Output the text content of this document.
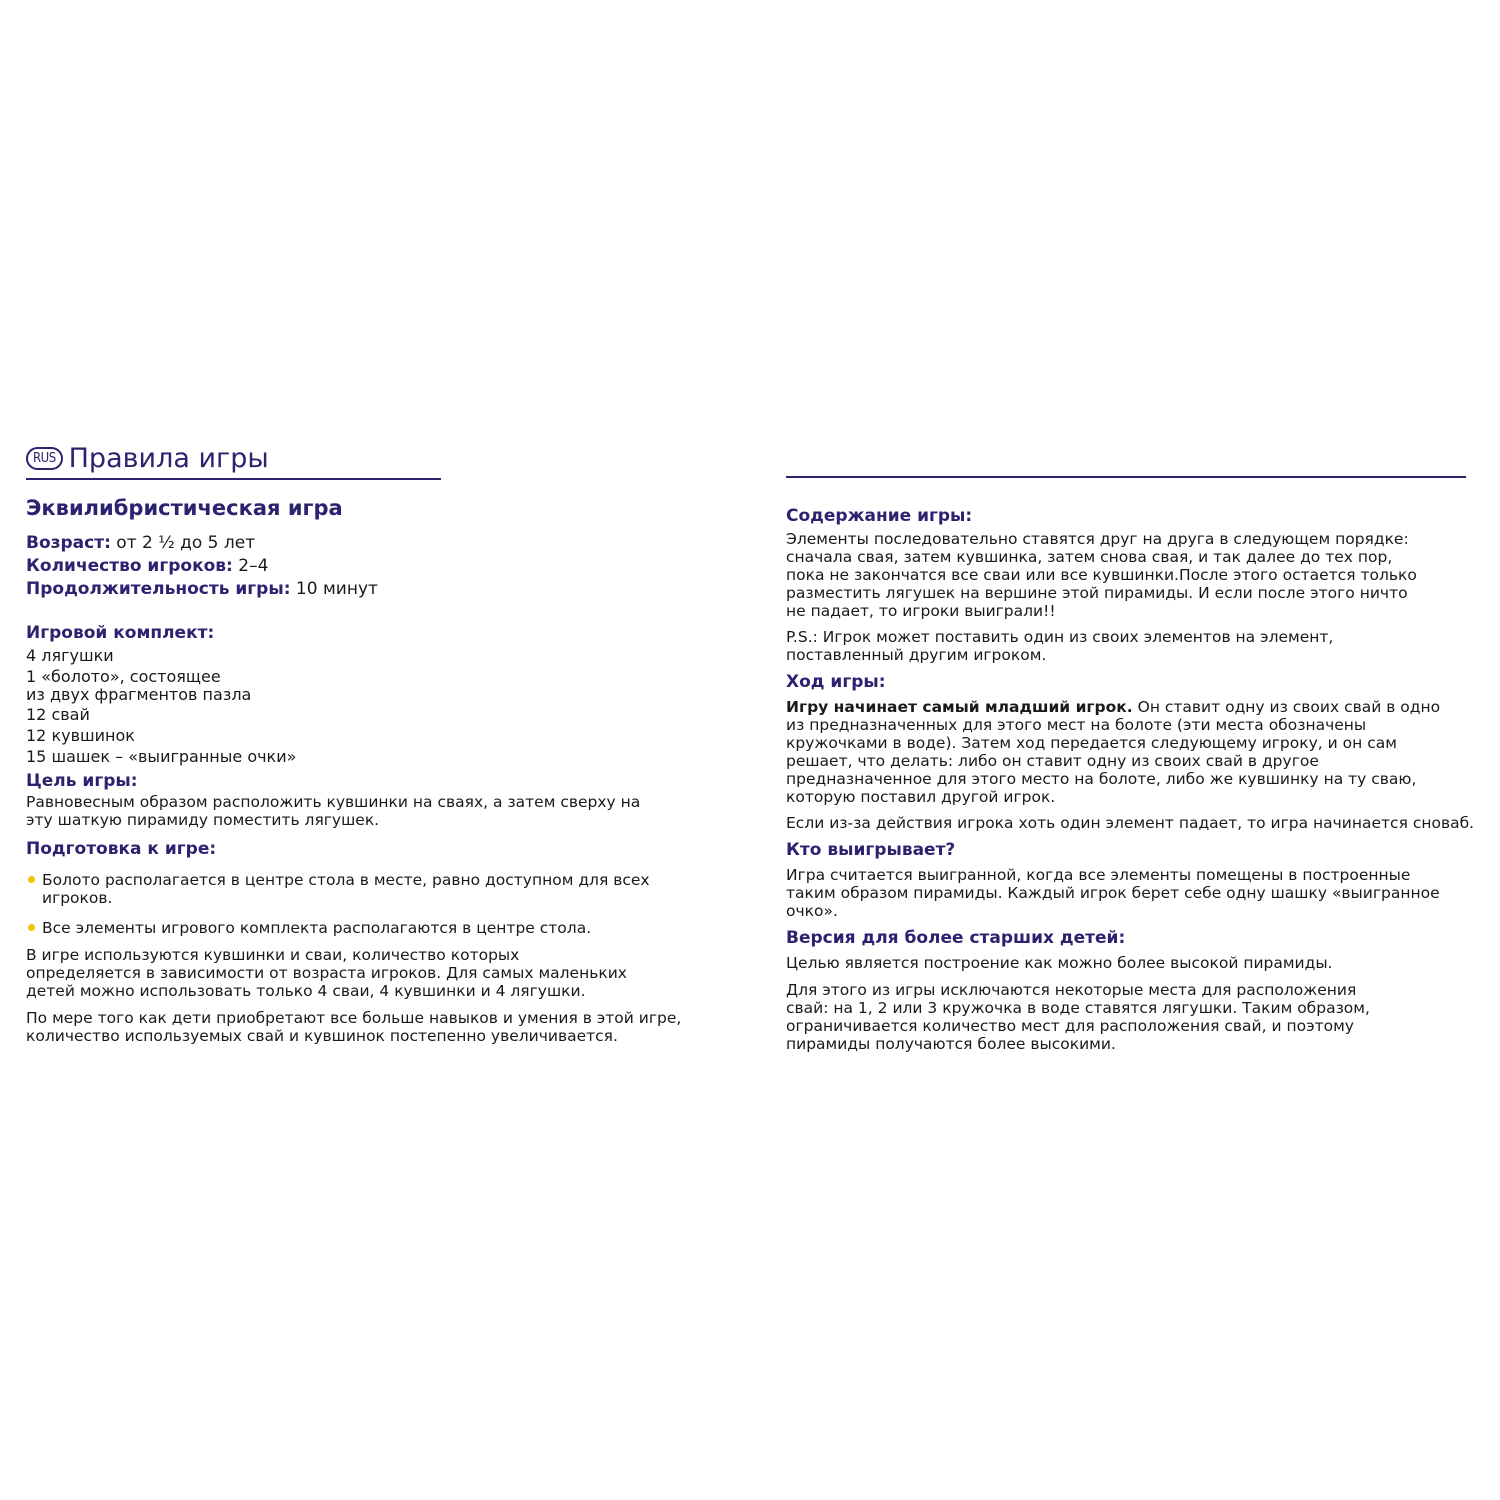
RUS Правила игры
Эквилибристическая игра
Возраст: от 2 ½ до 5 лет
Количество игроков: 2–4
Продолжительность игры: 10 минут
Игровой комплект:
4 лягушки
1 «болото», состоящее
из двух фрагментов пазла
12 свай
12 кувшинок
15 шашек – «выигранные очки»
Цель игры:

Равновесным образом расположить кувшинки на сваях, а затем сверху на эту шаткую пирамиду поместить лягушек.

Подготовка к игре:
Болото располагается в центре стола в месте, равно доступном для всех игроков.
Все элементы игрового комплекта располагаются в центре стола.

В игре используются кувшинки и сваи, количество которых определяется в зависимости от возраста игроков. Для самых маленьких детей можно использовать только 4 сваи, 4 кувшинки и 4 лягушки.

По мере того как дети приобретают все больше навыков и умения в этой игре, количество используемых свай и кувшинок постепенно увеличивается.

Содержание игры:

Элементы последовательно ставятся друг на друга в следующем порядке: сначала свая, затем кувшинка, затем снова свая, и так далее до тех пор, пока не закончатся все сваи или все кувшинки.После этого остается только разместить лягушек на вершине этой пирамиды. И если после этого ничто не падает, то игроки выиграли!!

P.S.: Игрок может поставить один из своих элементов на элемент, поставленный другим игроком.

Ход игры:

Игру начинает самый младший игрок. Он ставит одну из своих свай в одно из предназначенных для этого мест на болоте (эти места обозначены кружочками в воде). Затем ход передается следующему игроку, и он сам решает, что делать: либо он ставит одну из своих свай в другое предназначенное для этого место на болоте, либо же кувшинку на ту сваю, которую поставил другой игрок.

Если из-за действия игрока хоть один элемент падает, то игра начинается сноваб.

Кто выигрывает?

Игра считается выигранной, когда все элементы помещены в построенные таким образом пирамиды. Каждый игрок берет себе одну шашку «выигранное очко».

Версия для более старших детей:

Целью является построение как можно более высокой пирамиды.

Для этого из игры исключаются некоторые места для расположения свай: на 1, 2 или 3 кружочка в воде ставятся лягушки. Таким образом, ограничивается количество мест для расположения свай, и поэтому пирамиды получаются более высокими.
